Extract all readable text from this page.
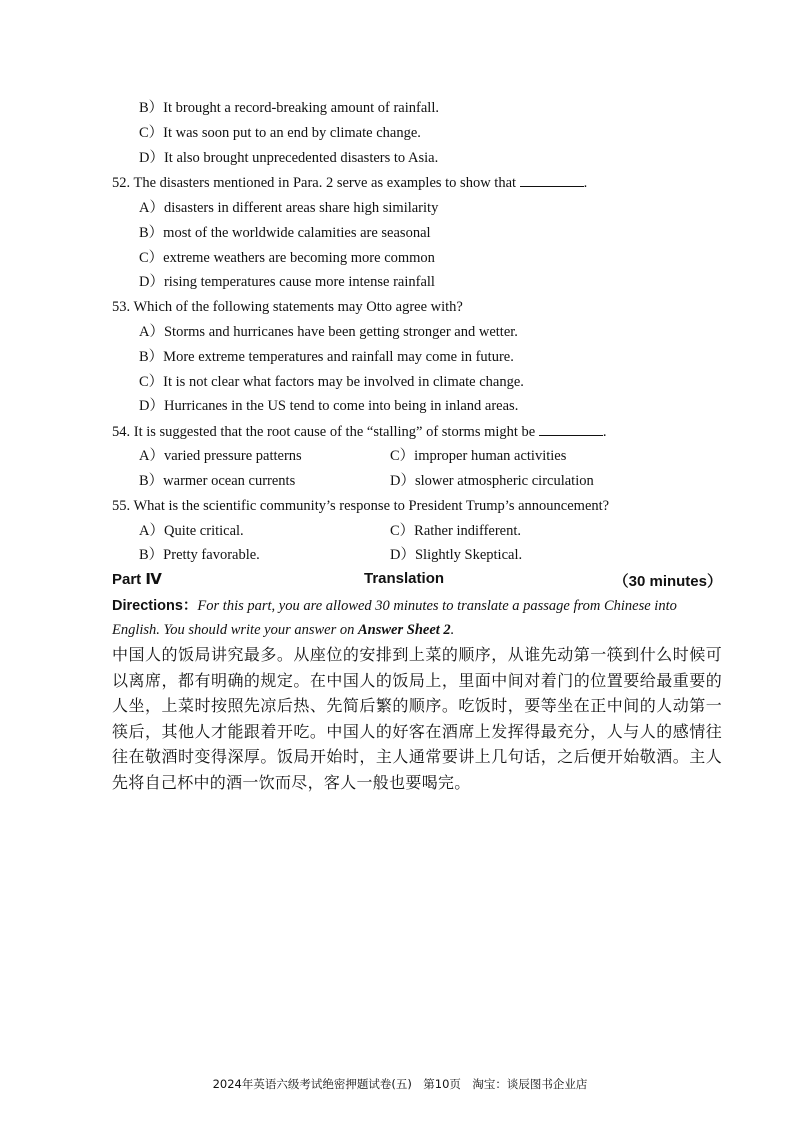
B）It brought a record-breaking amount of rainfall.
C）It was soon put to an end by climate change.
D）It also brought unprecedented disasters to Asia.
52. The disasters mentioned in Para. 2 serve as examples to show that	.
A）disasters in different areas share high similarity
B）most of the worldwide calamities are seasonal
C）extreme weathers are becoming more common
D）rising temperatures cause more intense rainfall
53. Which of the following statements may Otto agree with?
A）Storms and hurricanes have been getting stronger and wetter.
B）More extreme temperatures and rainfall may come in future.
C）It is not clear what factors may be involved in climate change.
D）Hurricanes in the US tend to come into being in inland areas.
54. It is suggested that the root cause of the “stalling” of storms might be	.
A）varied pressure patterns	C）improper human activities
B）warmer ocean currents	D）slower atmospheric circulation
55. What is the scientific community’s response to President Trump’s announcement?
A）Quite critical.	C）Rather indifferent.
B）Pretty favorable.	D）Slightly Skeptical.
Part Ⅳ	Translation	（30 minutes）
Directions：For this part, you are allowed 30 minutes to translate a passage from Chinese into English. You should write your answer on Answer Sheet 2.
中国人的饭局讲究最多。从座位的安排到上菜的顺序，从谁先动第一筷到什么时候可以离席，都有明确的规定。在中国人的饭局上，里面中间对着门的位置要给最重要的人坐，上菜时按照先凉后热、先简后繁的顺序。吃饭时，要等坐在正中间的人动第一筷后，其他人才能跟着开吃。中国人的好客在酒席上发挥得最充分，人与人的感情往往在敬酒时变得深厚。饭局开始时，主人通常要讲上几句话，之后便开始敬酒。主人先将自己杯中的酒一饮而尽，客人一般也要喝完。
2024年英语六级考试绝密押题试卷(五)　第10页　淘宝：谈辰图书企业店
